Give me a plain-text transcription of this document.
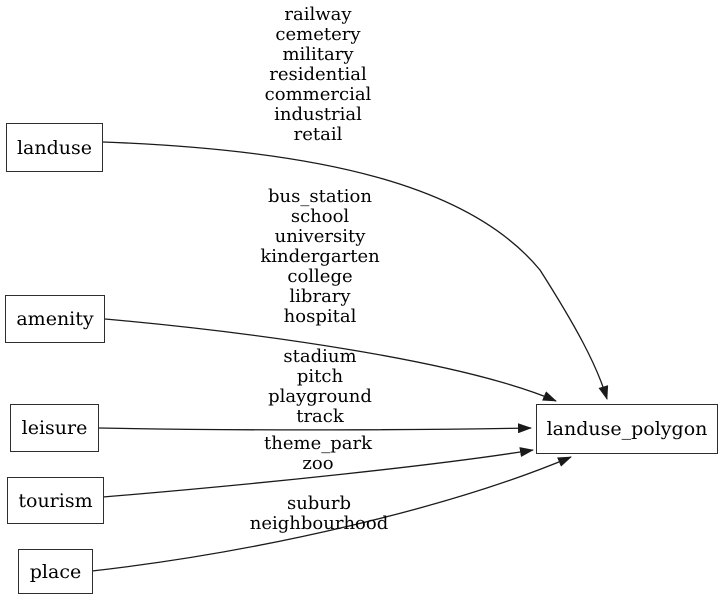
landuse
amenity
leisure
tourism
place
landuse_polygon
railway
cemetery
military
residential
commercial
industrial
retail
bus_station
school
university
kindergarten
college
library
hospital
stadium
pitch
playground
track
theme_park
zoo
suburb
neighbourhood
